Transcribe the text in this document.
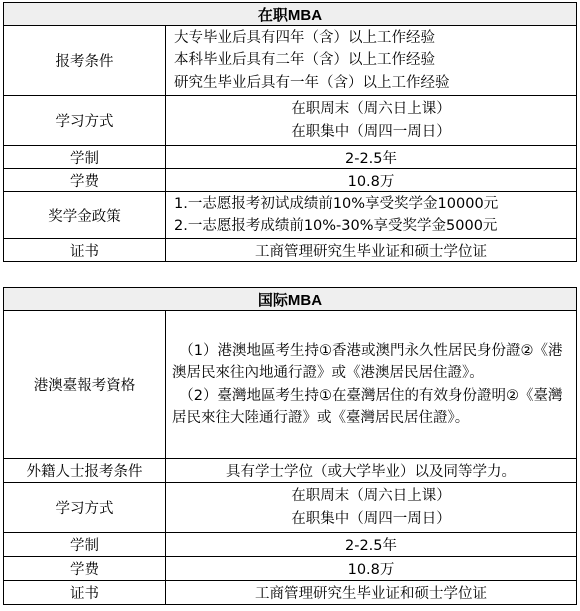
在职MBA	
报考条件	大专毕业后具有四年（含）以上工作经验
本科毕业后具有二年（含）以上工作经验
研究生毕业后具有一年（含）以上工作经验

学习方式	在职周末（周六日上课）
在职集中（周四一周日）

学制	2-2.5年
学费	10.8万
奖学金政策	1.一志愿报考初试成绩前10%享受奖学金10000元
2.一志愿报考成绩前10%-30%享受奖学金5000元

证书	工商管理研究生毕业证和硕士学位证
国际MBA	
港澳臺報考資格	（1）港澳地區考生持①香港或澳門永久性居民身份證②《港澳居民來往內地通行證》或《港澳居民居住證》。
（2）臺灣地區考生持①在臺灣居住的有效身份證明②《臺灣居民來往大陸通行證》或《臺灣居民居住證》。

外籍人士报考条件	具有学士学位（或大学毕业）以及同等学力。
学习方式	在职周末（周六日上课）
在职集中（周四一周日）

学制	2-2.5年
学费	10.8万
证书	工商管理研究生毕业证和硕士学位证
